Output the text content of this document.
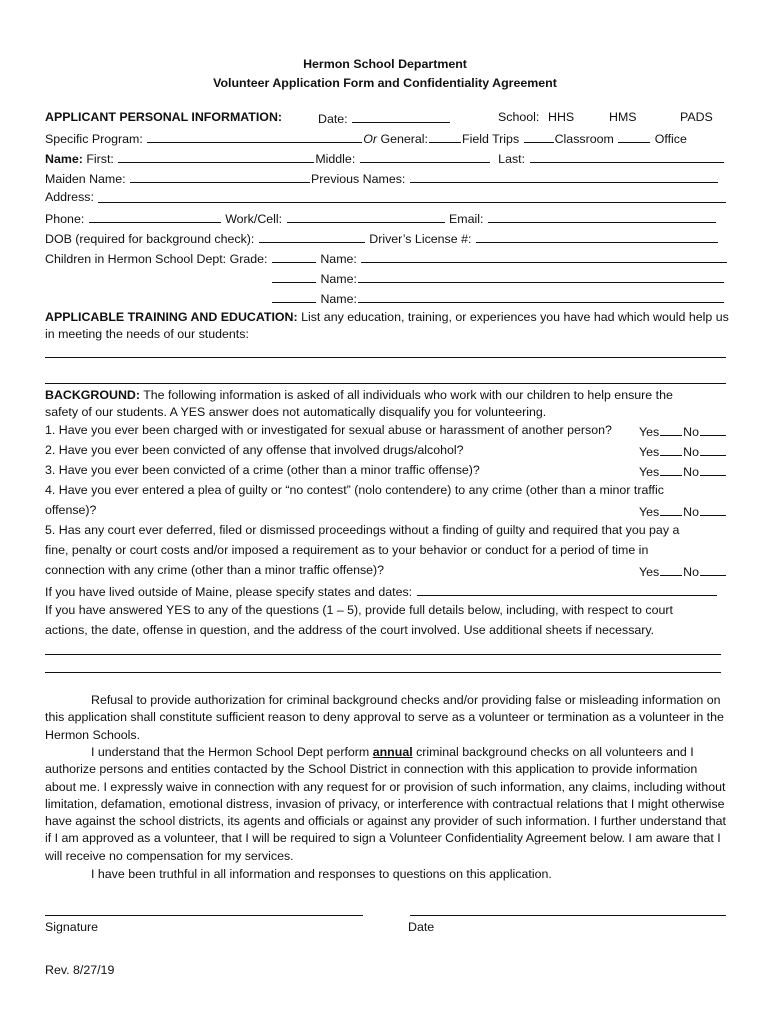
Hermon School Department
Volunteer Application Form and Confidentiality Agreement
APPLICANT PERSONAL INFORMATION:	Date:	School: HHS	HMS	PADS
Specific Program:	Or General:	Field Trips	Classroom	Office
Name: First:	Middle:	Last:
Maiden Name:	Previous Names:
Address:
Phone:	Work/Cell:	Email:
DOB (required for background check):	Driver’s License #:
Children in Hermon School Dept: Grade:	Name:
Name:
Name:
APPLICABLE TRAINING AND EDUCATION: List any education, training, or experiences you have had which would help us
in meeting the needs of our students:
BACKGROUND: The following information is asked of all individuals who work with our children to help ensure the
safety of our students. A YES answer does not automatically disqualify you for volunteering.
1. Have you ever been charged with or investigated for sexual abuse or harassment of another person? Yes No
2. Have you ever been convicted of any offense that involved drugs/alcohol?	Yes No
3. Have you ever been convicted of a crime (other than a minor traffic offense)?	Yes No
4. Have you ever entered a plea of guilty or “no contest” (nolo contendere) to any crime (other than a minor traffic
offense)?	Yes No
5. Has any court ever deferred, filed or dismissed proceedings without a finding of guilty and required that you pay a
fine, penalty or court costs and/or imposed a requirement as to your behavior or conduct for a period of time in
connection with any crime (other than a minor traffic offense)?	Yes No
If you have lived outside of Maine, please specify states and dates:
If you have answered YES to any of the questions (1 – 5), provide full details below, including, with respect to court
actions, the date, offense in question, and the address of the court involved. Use additional sheets if necessary.
Refusal to provide authorization for criminal background checks and/or providing false or misleading information on this application shall constitute sufficient reason to deny approval to serve as a volunteer or termination as a volunteer in the Hermon Schools.
I understand that the Hermon School Dept perform annual criminal background checks on all volunteers and I authorize persons and entities contacted by the School District in connection with this application to provide information about me. I expressly waive in connection with any request for or provision of such information, any claims, including without limitation, defamation, emotional distress, invasion of privacy, or interference with contractual relations that I might otherwise have against the school districts, its agents and officials or against any provider of such information. I further understand that if I am approved as a volunteer, that I will be required to sign a Volunteer Confidentiality Agreement below. I am aware that I will receive no compensation for my services.
I have been truthful in all information and responses to questions on this application.
Signature	Date
Rev. 8/27/19
